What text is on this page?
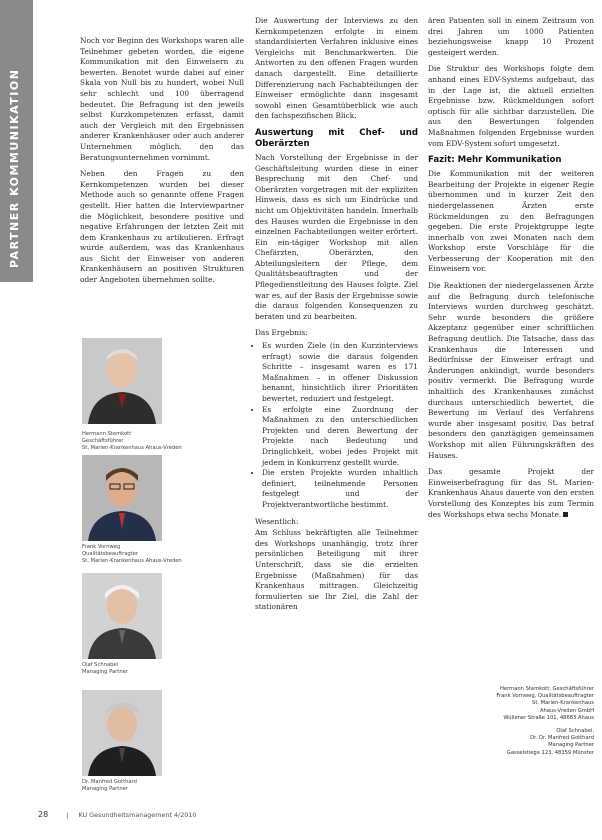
PARTNER KOMMUNIKATION

Noch vor Beginn des Workshops waren alle Teilnehmer gebeten worden, die eigene Kommunikation mit den Einweisern zu bewerten. Benotet wurde dabei auf einer Skala von Null bis zu hundert, wobei Null sehr schlecht und 100 überragend bedeutet. Die Befragung ist den jeweils selbst Kurzkompetenzen erfasst, damit auch der Vergleich mit den Ergebnissen anderer Krankenhäuser oder auch anderer Unternehmen möglich, den das Beratungsunternehmen vornimmt.

Neben den Fragen zu den Kernkompetenzen wurden bei dieser Methode auch so genannte offene Fragen gestellt. Hier hatten die Interviewpartner die Möglichkeit, besondere positive und negative Erfahrungen der letzten Zeit mit dem Krankenhaus zu artikulieren. Erfragt wurde außerdem, was das Krankenhaus aus Sicht der Einweiser von anderen Krankenhäusern an positiven Strukturen oder Angeboten übernehmen sollte.

Die Auswertung der Interviews zu den Kernkompetenzen erfolgte in einem standardisierten Verfahren inklusive eines Vergleichs mit Benchmarkwerten. Die Antworten zu den offenen Fragen wurden danach dargestellt. Eine detaillierte Differenzierung nach Fachabteilungen der Einweiser ermöglichte dann insgesamt sowohl einen Gesamtüberblick wie auch den fachspezifischen Blick.

Auswertung mit Chef- und Oberärzten

Nach Vorstellung der Ergebnisse in der Geschäftsleitung wurden diese in einer Besprechung mit den Chef- und Oberärzten vorgetragen mit der expliziten Hinweis, dass es sich um Eindrücke und nicht um Objektivitäten handeln. Innerhalb des Hauses wurden die Ergebnisse in den einzelnen Fachabteilungen weiter erörtert. Ein ein-tägiger Workshop mit allen Chefärzten, Oberärzten, den Abteilungsleitern der Pflege, dem Qualitätsbeauftragten und der Pflegedienstleitung des Hauses folgte. Ziel war es, auf der Basis der Ergebnisse sowie die daraus folgenden Konsequenzen zu beraten und zu bearbeiten.

Das Ergebnis:

• Es wurden Ziele (in den Kurzinterviews erfragt) sowie die daraus folgenden Schritte – insgesamt waren es 171 Maßnahmen – in offener Diskussion benannt, hinsichtlich ihrer Prioritäten bewertet, reduziert und festgelegt.
• Es erfolgte eine Zuordnung der Maßnahmen zu den unterschiedlichen Projekten und deren Bewertung der Projekte nach Bedeutung und Dringlichkeit, wobei jedes Projekt mit jedem in Konkurrenz gestellt wurde.
• Die ersten Projekte wurden inhaltlich definiert, teilnehmende Personen festgelegt und der Projektverantwortliche bestimmt.

Wesentlich:

Am Schluss bekräftigten alle Teilnehmer des Workshops unanhängig, trotz ihrer persönlichen Beteiligung mit ihrer Unterschrift, dass sie die erzielten Ergebnisse (Maßnahmen) für das Krankenhaus mittragen. Gleichzeitig formulierten sie Ihr Ziel, die Zahl der stationären

ären Patienten soll in einem Zeitraum von drei Jahren um 1000 Patienten beziehungsweise knapp 10 Prozent gesteigert werden.

Die Struktur des Workshops folgte dem anhand eines EDV-Systems aufgebaut, das in der Lage ist, die aktuell erzielten Ergebnisse bzw. Rückmeldungen sofort optisch für alle sichtbar darzustellen. Die aus den Bewertungen folgenden Maßnahmen folgenden Ergebnisse wurden vom EDV-System sofort umgesetzt.

Fazit: Mehr Kommunikation

Die Kommunikation mit der weiteren Bearbeitung der Projekte in eigener Regie übernommen und in kurzer Zeit den niedergelassenen Ärzten erste Rückmeldungen zu den Befragungen gegeben. Die erste Projektgruppe legte innerhalb von zwei Monaten nach dem Workshop erste Vorschläge für die Verbesserung der Kooperation mit den Einweisern vor.

Die Reaktionen der niedergelassenen Ärzte auf die Befragung durch telefonische Interviews wurden durchweg geschätzt. Sehr wurde besonders die größere Akzeptanz gegenüber einer schriftlichen Befragung deutlich. Die Tatsache, dass das Krankenhaus die Interessen und Bedürfnisse der Einweiser erfragt und Änderungen ankündigt, wurde besonders positiv vermerkt. Die Befragung wurde inhaltlich des Krankenhauses zunächst durchaus unterschiedlich bewertet, die Bewertung im Verlauf des Verfahrens wurde aber insgesamt positiv. Das betraf besonders den ganztägigen gemeinsamen Workshop mit allen Führungskräften des Hauses.

Das gesamte Projekt der Einweiserbefragung für das St. Marien-Krankenhaus Ahaus dauerte von den ersten Vorstellung des Konzeptes bis zum Termin des Workshops etwa sechs Monate.

Hermann Stemkott
Geschäftsführer
St. Marien-Krankenhaus Ahaus-Vreden
Frank Vornweg
Qualitätsbeauftragter
St. Marien-Krankenhaus Ahaus-Vreden
Olaf Schnabel
Managing Partner
Dr. Manfred Gotthard
Managing Partner
Hermann Stemkott, Geschäftsführer
Frank Vornweg, Qualitätsbeauftragter
St. Marien-Krankenhaus
Ahaus-Vreden GmbH
Wüllener Straße 101, 48683 Ahaus
Olaf Schnabel,
Dr. Dr. Manfred Gotthard
Managing Partner
Gasselstiege 123, 48159 Münster
28	| KU Gesundheitsmanagement 4/2010
